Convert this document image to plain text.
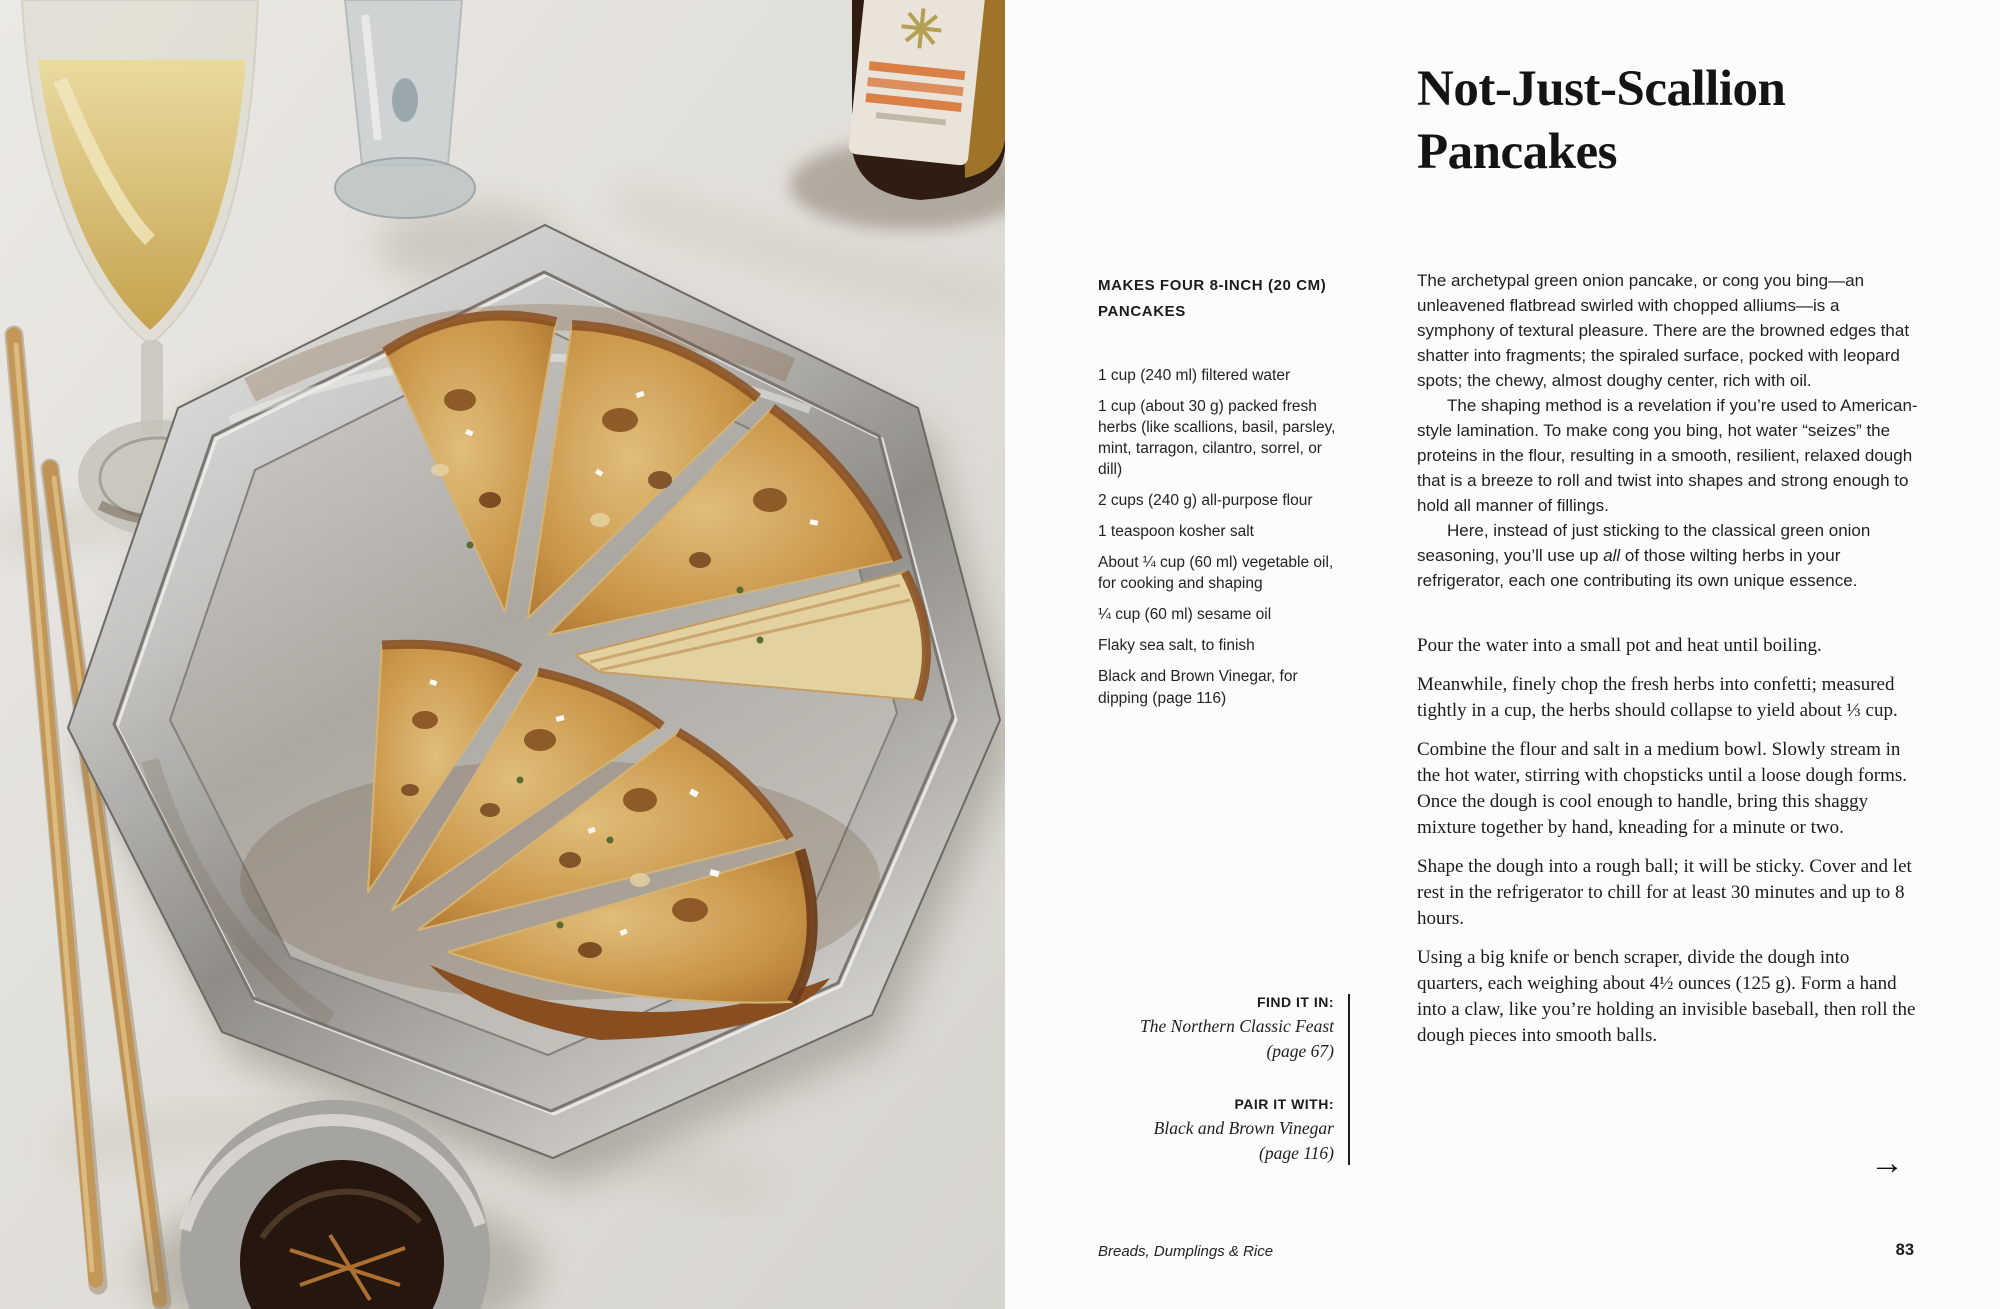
Not-Just-Scallion Pancakes
MAKES FOUR 8-INCH (20 CM) PANCAKES
1 cup (240 ml) filtered water
1 cup (about 30 g) packed fresh herbs (like scallions, basil, parsley, mint, tarragon, cilantro, sorrel, or dill)
2 cups (240 g) all-purpose flour
1 teaspoon kosher salt
About ¼ cup (60 ml) vegetable oil, for cooking and shaping
¼ cup (60 ml) sesame oil
Flaky sea salt, to finish
Black and Brown Vinegar, for dipping (page 116)

The archetypal green onion pancake, or cong you bing—an unleavened flatbread swirled with chopped alliums—is a symphony of textural pleasure. There are the browned edges that shatter into fragments; the spiraled surface, pocked with leopard spots; the chewy, almost doughy center, rich with oil.

The shaping method is a revelation if you’re used to American-style lamination. To make cong you bing, hot water “seizes” the proteins in the flour, resulting in a smooth, resilient, relaxed dough that is a breeze to roll and twist into shapes and strong enough to hold all manner of fillings.

Here, instead of just sticking to the classical green onion seasoning, you’ll use up all of those wilting herbs in your refrigerator, each one contributing its own unique essence.

Pour the water into a small pot and heat until boiling.

Meanwhile, finely chop the fresh herbs into confetti; measured tightly in a cup, the herbs should collapse to yield about ⅓ cup.

Combine the flour and salt in a medium bowl. Slowly stream in the hot water, stirring with chopsticks until a loose dough forms. Once the dough is cool enough to handle, bring this shaggy mixture together by hand, kneading for a minute or two.

Shape the dough into a rough ball; it will be sticky. Cover and let rest in the refrigerator to chill for at least 30 minutes and up to 8 hours.

Using a big knife or bench scraper, divide the dough into quarters, each weighing about 4½ ounces (125 g). Form a hand into a claw, like you’re holding an invisible baseball, then roll the dough pieces into smooth balls.

FIND IT IN:
The Northern Classic Feast
(page 67)
PAIR IT WITH:
Black and Brown Vinegar
(page 116)	→
Breads, Dumplings & Rice	83
